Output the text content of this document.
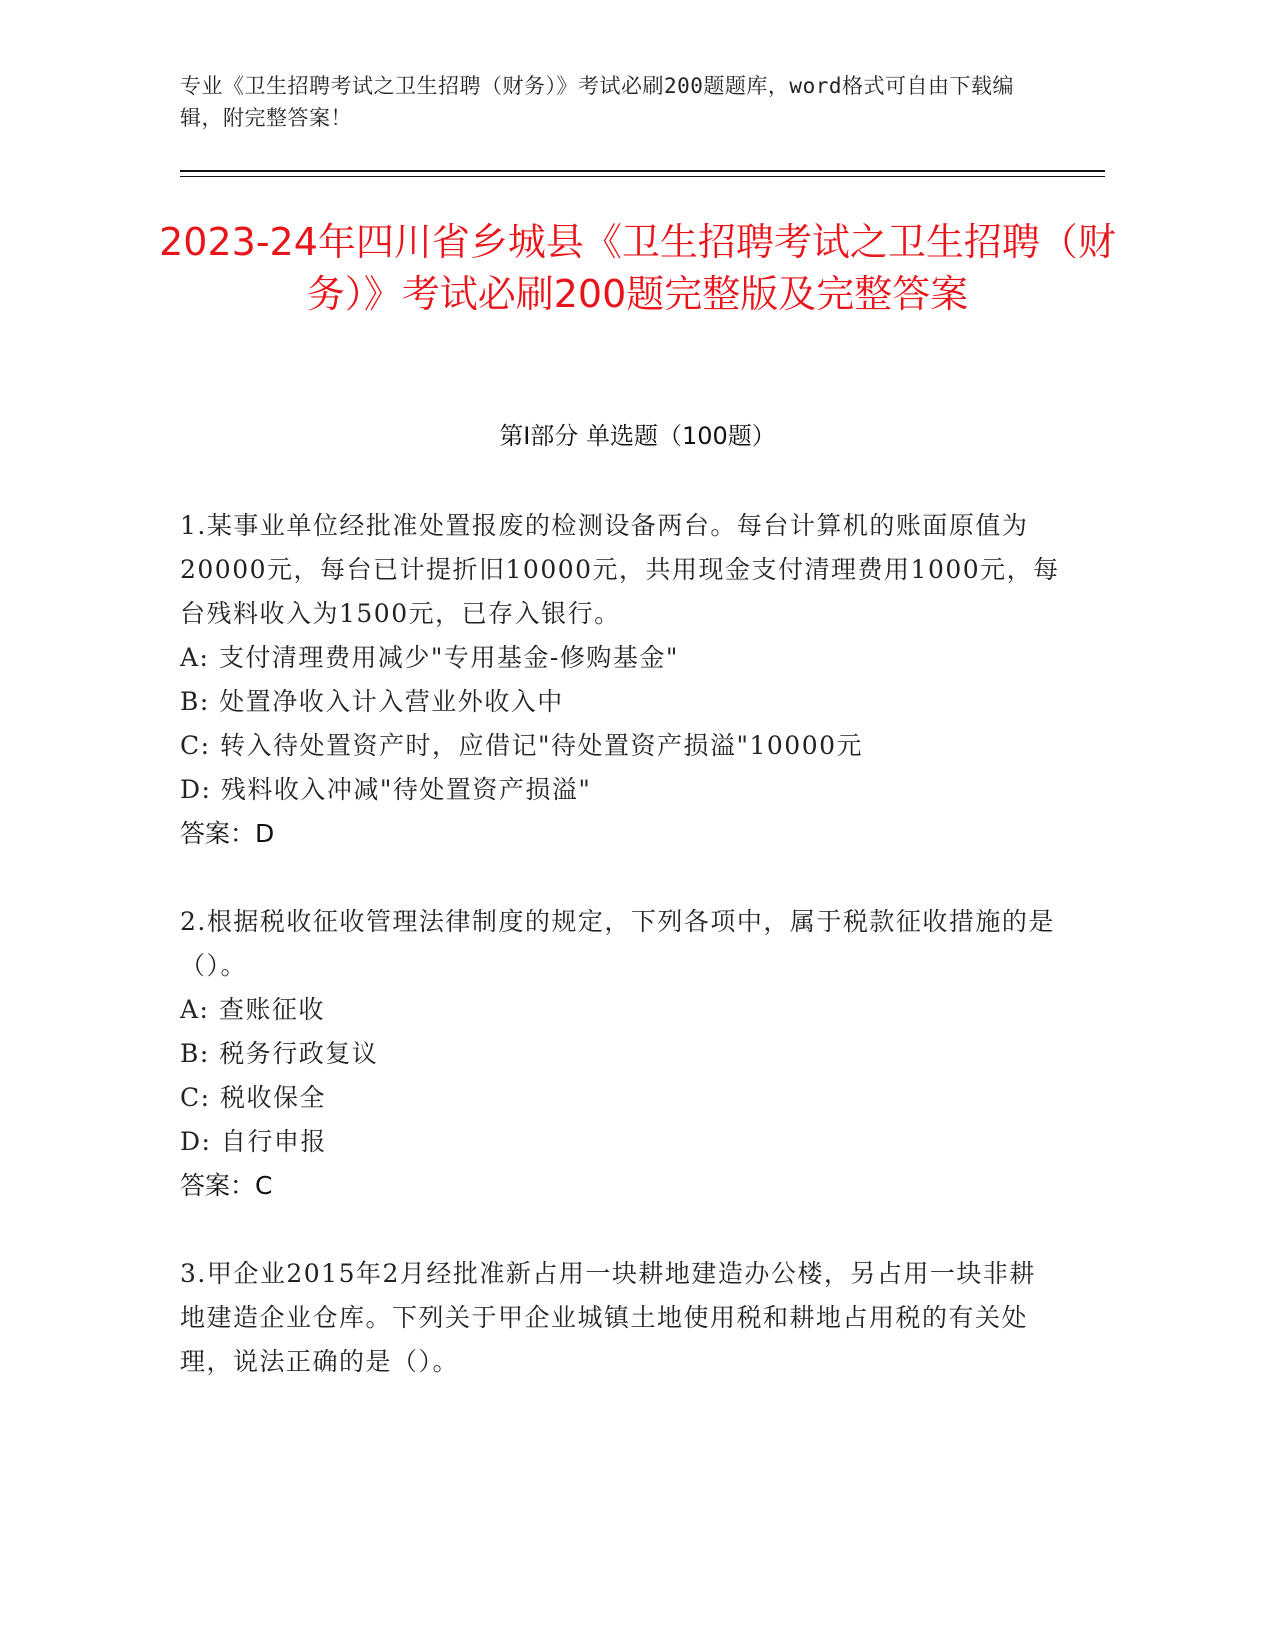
专业《卫生招聘考试之卫生招聘（财务）》考试必刷200题题库，word格式可自由下载编辑，附完整答案！
2023-24年四川省乡城县《卫生招聘考试之卫生招聘（财务）》考试必刷200题完整版及完整答案
第Ⅰ部分 单选题（100题）
1.某事业单位经批准处置报废的检测设备两台。每台计算机的账面原值为20000元，每台已计提折旧10000元，共用现金支付清理费用1000元，每台残料收入为1500元，已存入银行。
A: 支付清理费用减少"专用基金-修购基金"
B: 处置净收入计入营业外收入中
C: 转入待处置资产时，应借记"待处置资产损溢"10000元
D: 残料收入冲减"待处置资产损溢"
答案：D
2.根据税收征收管理法律制度的规定，下列各项中，属于税款征收措施的是（）。
A: 查账征收
B: 税务行政复议
C: 税收保全
D: 自行申报
答案：C
3.甲企业2015年2月经批准新占用一块耕地建造办公楼，另占用一块非耕地建造企业仓库。下列关于甲企业城镇土地使用税和耕地占用税的有关处理，说法正确的是（）。
